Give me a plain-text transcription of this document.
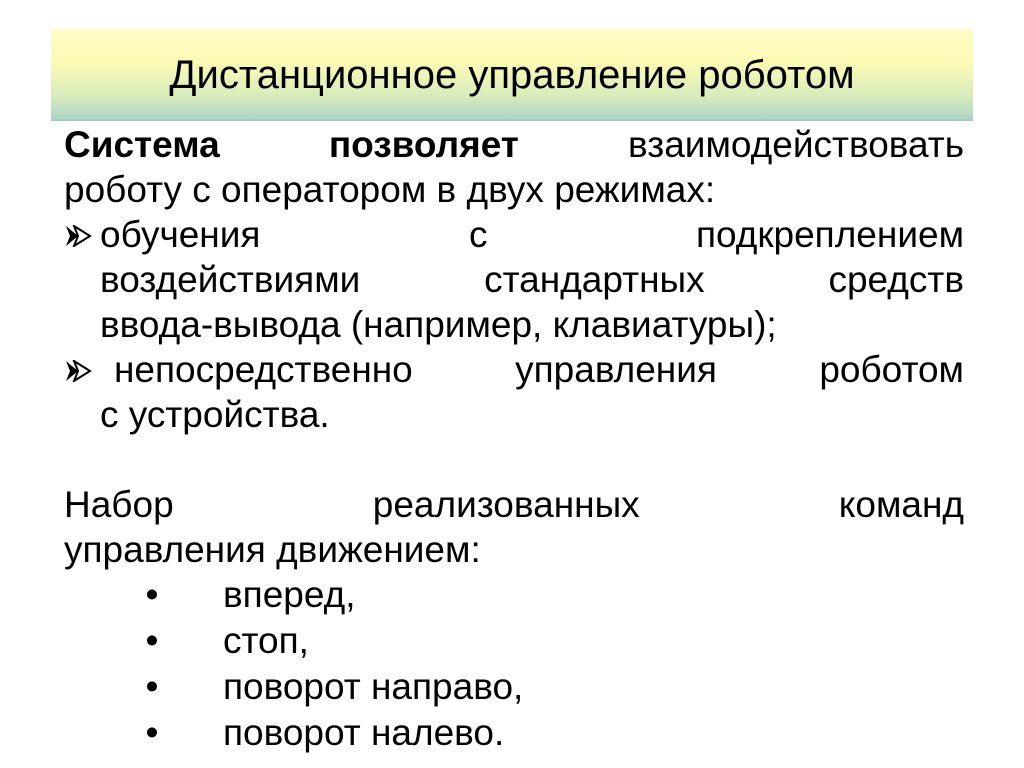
Дистанционное управление роботом
Система	позволяет	взаимодействовать
роботу с оператором в двух режимах:
обучения	с	подкреплением
воздействиями	стандартных	средств
ввода-вывода (например, клавиатуры);
непосредственно	управления	роботом
с устройства.
Набор	реализованных	команд
управления движением:
• вперед,
• стоп,
• поворот направо,
• поворот налево.
